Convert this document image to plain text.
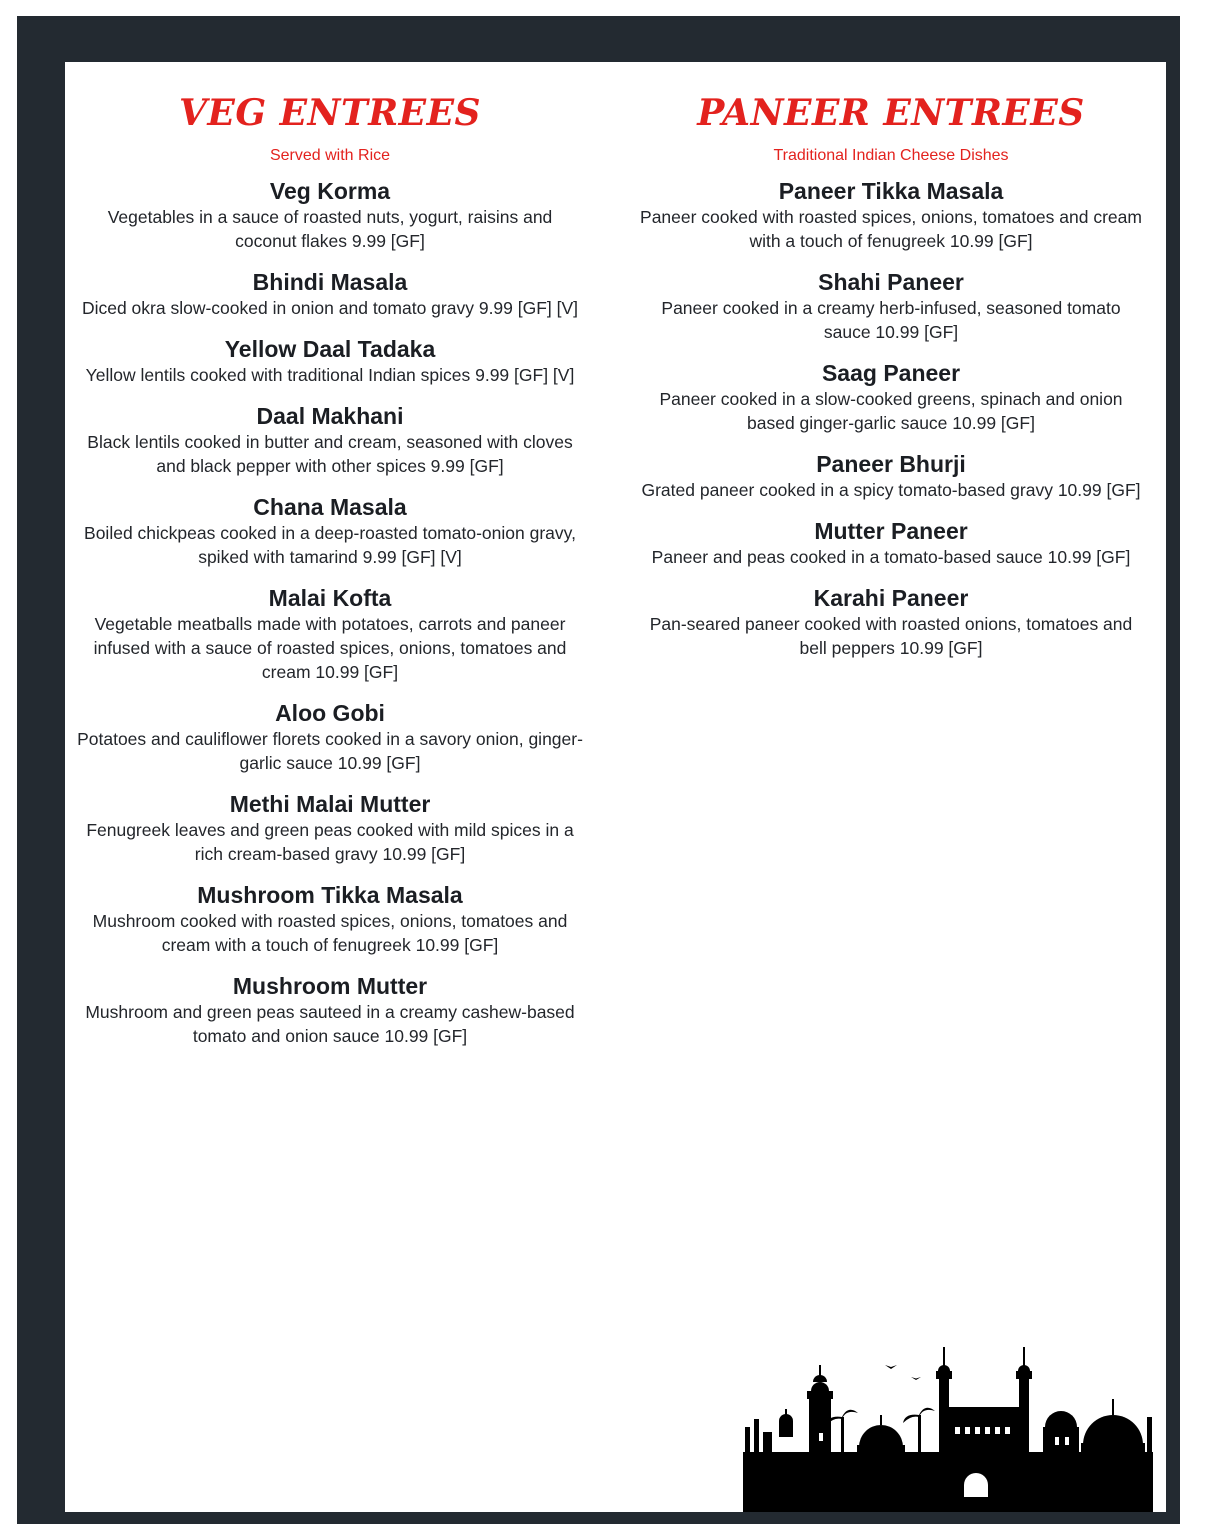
VEG ENTREES
Served with Rice
Veg Korma
Vegetables in a sauce of roasted nuts, yogurt, raisins and coconut flakes 9.99 [GF]
Bhindi Masala
Diced okra slow-cooked in onion and tomato gravy 9.99 [GF] [V]
Yellow Daal Tadaka
Yellow lentils cooked with traditional Indian spices 9.99 [GF] [V]
Daal Makhani
Black lentils cooked in butter and cream, seasoned with cloves and black pepper with other spices 9.99 [GF]
Chana Masala
Boiled chickpeas cooked in a deep-roasted tomato-onion gravy, spiked with tamarind 9.99 [GF] [V]
Malai Kofta
Vegetable meatballs made with potatoes, carrots and paneer infused with a sauce of roasted spices, onions, tomatoes and cream 10.99 [GF]
Aloo Gobi
Potatoes and cauliflower florets cooked in a savory onion, ginger-garlic sauce 10.99 [GF]
Methi Malai Mutter
Fenugreek leaves and green peas cooked with mild spices in a rich cream-based gravy 10.99 [GF]
Mushroom Tikka Masala
Mushroom cooked with roasted spices, onions, tomatoes and cream with a touch of fenugreek 10.99 [GF]
Mushroom Mutter
Mushroom and green peas sauteed in a creamy cashew-based tomato and onion sauce 10.99 [GF]
PANEER ENTREES
Traditional Indian Cheese Dishes
Paneer Tikka Masala
Paneer cooked with roasted spices, onions, tomatoes and cream with a touch of fenugreek 10.99 [GF]
Shahi Paneer
Paneer cooked in a creamy herb-infused, seasoned tomato sauce 10.99 [GF]
Saag Paneer
Paneer cooked in a slow-cooked greens, spinach and onion based ginger-garlic sauce 10.99 [GF]
Paneer Bhurji
Grated paneer cooked in a spicy tomato-based gravy 10.99 [GF]
Mutter Paneer
Paneer and peas cooked in a tomato-based sauce 10.99 [GF]
Karahi Paneer
Pan-seared paneer cooked with roasted onions, tomatoes and bell peppers 10.99 [GF]
